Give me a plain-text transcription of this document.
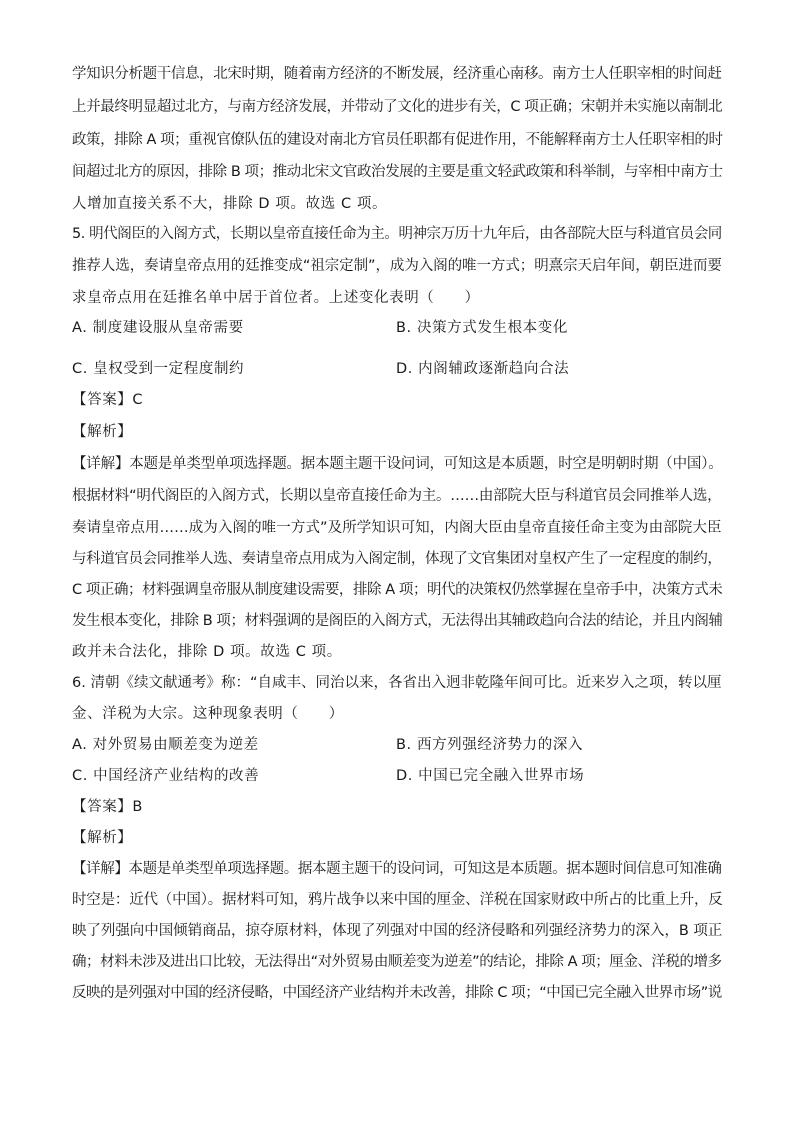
学知识分析题干信息，北宋时期，随着南方经济的不断发展，经济重心南移。南方士人任职宰相的时间赶
上并最终明显超过北方，与南方经济发展，并带动了文化的进步有关，C 项正确；宋朝并未实施以南制北
政策，排除 A 项；重视官僚队伍的建设对南北方官员任职都有促进作用，不能解释南方士人任职宰相的时
间超过北方的原因，排除 B 项；推动北宋文官政治发展的主要是重文轻武政策和科举制，与宰相中南方士
人增加直接关系不大，排除 D 项。故选 C 项。
5. 明代阁臣的入阁方式，长期以皇帝直接任命为主。明神宗万历十九年后，由各部院大臣与科道官员会同
推荐人选，奏请皇帝点用的廷推变成“祖宗定制”，成为入阁的唯一方式；明熹宗天启年间，朝臣进而要
求皇帝点用在廷推名单中居于首位者。上述变化表明（　　）
A. 制度建设服从皇帝需要	B. 决策方式发生根本变化
C. 皇权受到一定程度制约	D. 内阁辅政逐渐趋向合法
【答案】C
【解析】
【详解】本题是单类型单项选择题。据本题主题干设问词，可知这是本质题，时空是明朝时期（中国）。
根据材料“明代阁臣的入阁方式，长期以皇帝直接任命为主。……由部院大臣与科道官员会同推举人选，
奏请皇帝点用……成为入阁的唯一方式”及所学知识可知，内阁大臣由皇帝直接任命主变为由部院大臣
与科道官员会同推举人选、奏请皇帝点用成为入阁定制，体现了文官集团对皇权产生了一定程度的制约，
C 项正确；材料强调皇帝服从制度建设需要，排除 A 项；明代的决策权仍然掌握在皇帝手中，决策方式未
发生根本变化，排除 B 项；材料强调的是阁臣的入阁方式，无法得出其辅政趋向合法的结论，并且内阁辅
政并未合法化，排除 D 项。故选 C 项。
6. 清朝《续文献通考》称：“自咸丰、同治以来，各省出入迥非乾隆年间可比。近来岁入之项，转以厘
金、洋税为大宗。这种现象表明（　　）
A. 对外贸易由顺差变为逆差	B. 西方列强经济势力的深入
C. 中国经济产业结构的改善	D. 中国已完全融入世界市场
【答案】B
【解析】
【详解】本题是单类型单项选择题。据本题主题干的设问词，可知这是本质题。据本题时间信息可知准确
时空是：近代（中国）。据材料可知，鸦片战争以来中国的厘金、洋税在国家财政中所占的比重上升，反
映了列强向中国倾销商品，掠夺原材料，体现了列强对中国的经济侵略和列强经济势力的深入，B 项正
确；材料未涉及进出口比较，无法得出“对外贸易由顺差变为逆差”的结论，排除 A 项；厘金、洋税的增多
反映的是列强对中国的经济侵略，中国经济产业结构并未改善，排除 C 项；“中国已完全融入世界市场”说
